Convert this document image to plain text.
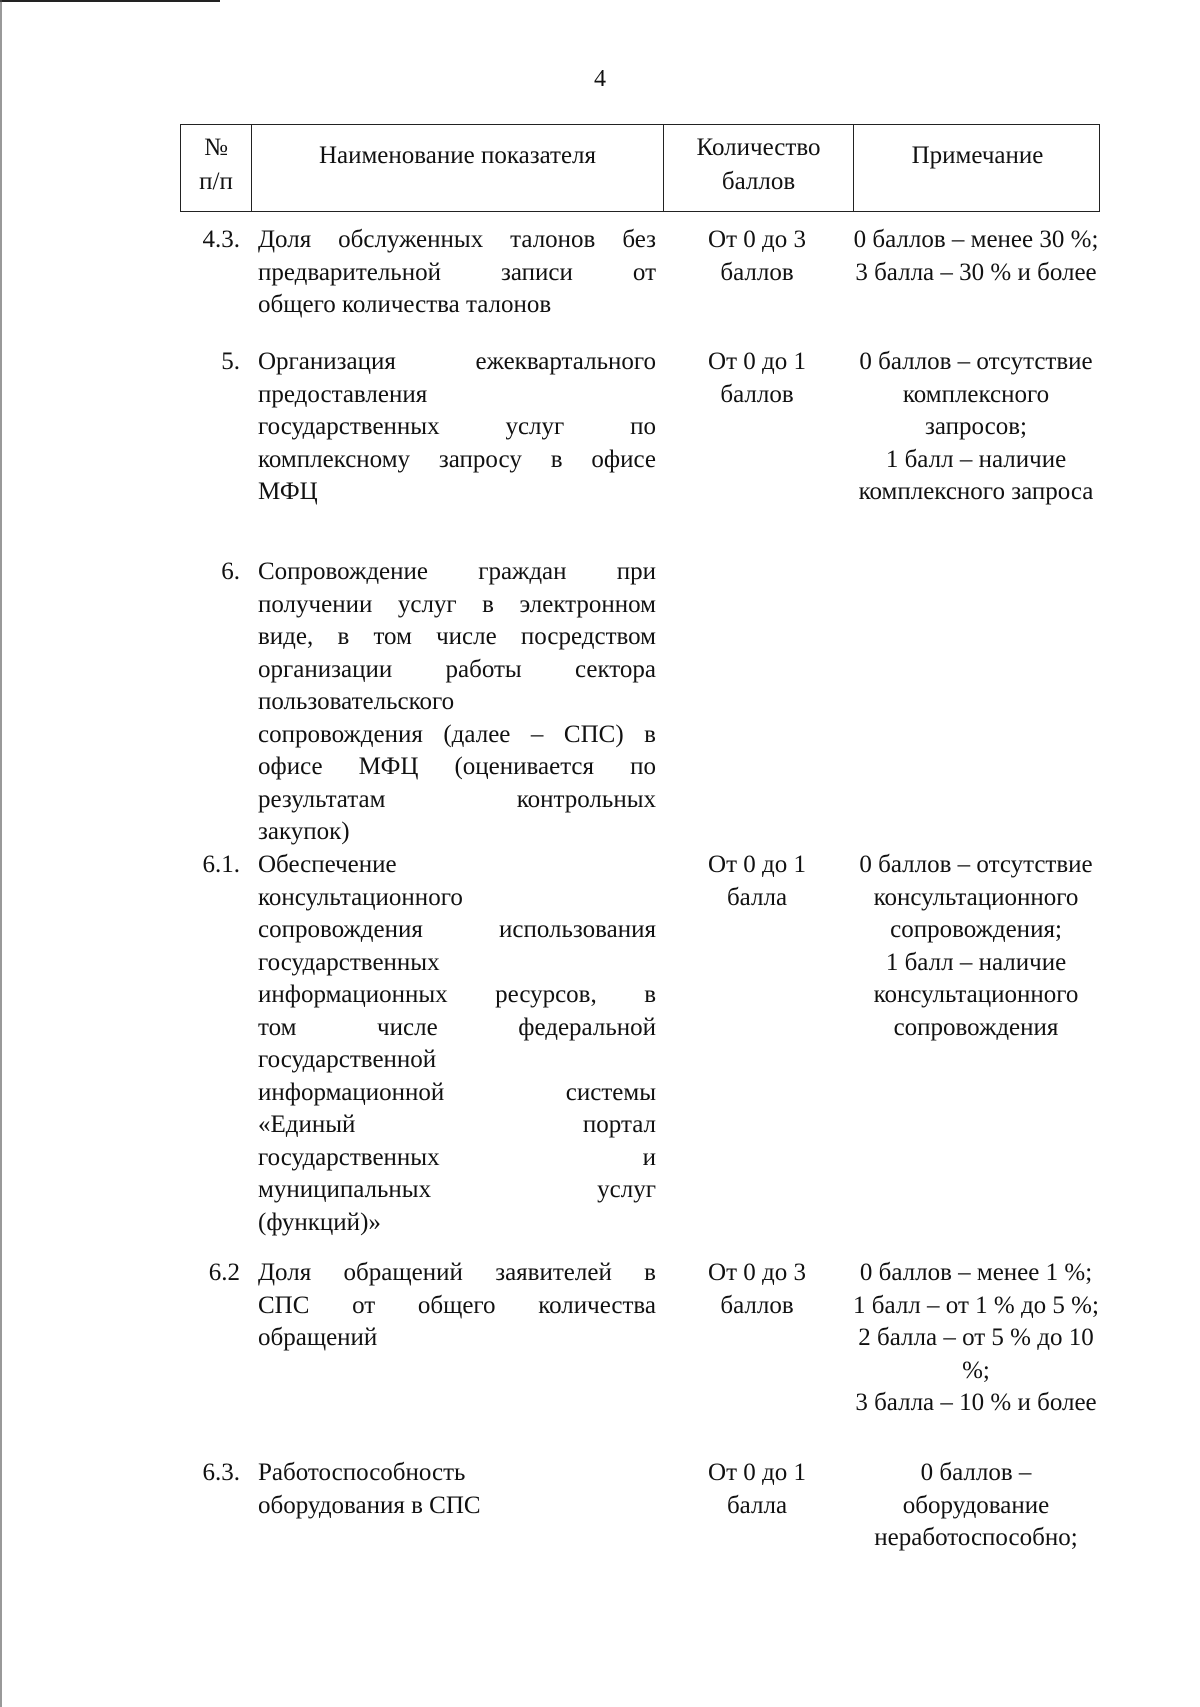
4
№
п/п
Наименование показателя	Количество
баллов
Примечание
4.3. Доля обслуженных талонов без
предварительной записи от
общего количества талонов
От 0 до 3
баллов
0 баллов – менее 30 %;
3 балла – 30 % и более
5. Организация ежеквартального
предоставления
государственных услуг по
комплексному запросу в офисе
МФЦ
От 0 до 1
баллов
0 баллов – отсутствие
комплексного
запросов;
1 балл – наличие
комплексного запроса
6. Сопровождение граждан при
получении услуг в электронном
виде, в том числе посредством
организации работы сектора
пользовательского
сопровождения (далее – СПС) в
офисе МФЦ (оценивается по
результатам контрольных
закупок)
6.1. Обеспечение
консультационного
сопровождения использования
государственных
информационных ресурсов, в
том числе федеральной
государственной
информационной системы
«Единый портал
государственных и
муниципальных услуг
(функций)»
От 0 до 1
балла
0 баллов – отсутствие
консультационного
сопровождения;
1 балл – наличие
консультационного
сопровождения
6.2 Доля обращений заявителей в
СПС от общего количества
обращений
От 0 до 3
баллов
0 баллов – менее 1 %;
1 балл – от 1 % до 5 %;
2 балла – от 5 % до 10
%;
3 балла – 10 % и более
6.3. Работоспособность
оборудования в СПС
От 0 до 1
балла
0 баллов –
оборудование
неработоспособно;
